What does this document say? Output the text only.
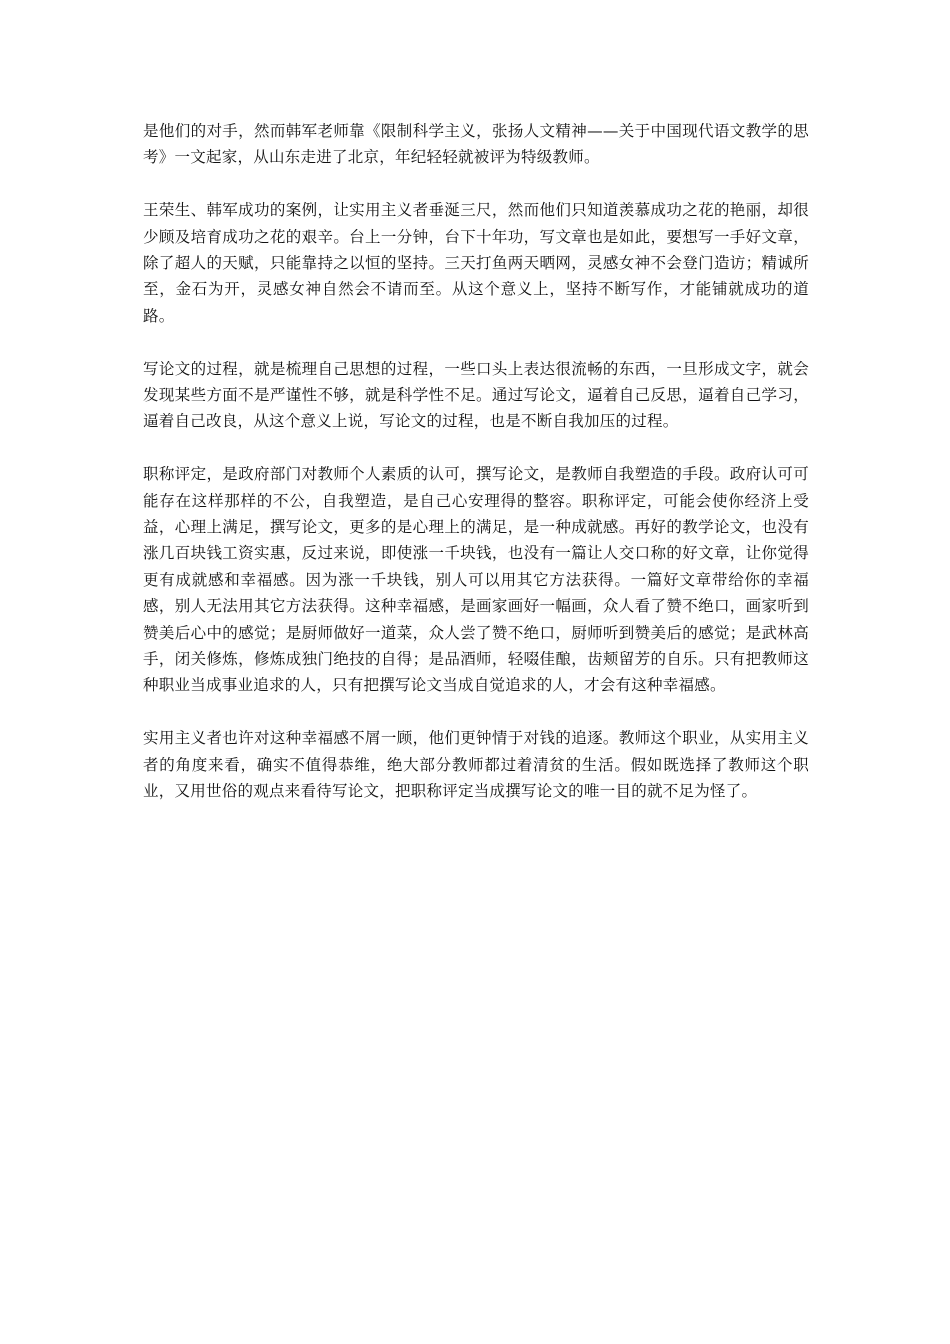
是他们的对手，然而韩军老师靠《限制科学主义，张扬人文精神——关于中国现代语文教学的思考》一文起家，从山东走进了北京，年纪轻轻就被评为特级教师。

王荣生、韩军成功的案例，让实用主义者垂涎三尺，然而他们只知道羡慕成功之花的艳丽，却很少顾及培育成功之花的艰辛。台上一分钟，台下十年功，写文章也是如此，要想写一手好文章，除了超人的天赋，只能靠持之以恒的坚持。三天打鱼两天晒网，灵感女神不会登门造访；精诚所至，金石为开，灵感女神自然会不请而至。从这个意义上，坚持不断写作，才能铺就成功的道路。

写论文的过程，就是梳理自己思想的过程，一些口头上表达很流畅的东西，一旦形成文字，就会发现某些方面不是严谨性不够，就是科学性不足。通过写论文，逼着自己反思，逼着自己学习，逼着自己改良，从这个意义上说，写论文的过程，也是不断自我加压的过程。

职称评定，是政府部门对教师个人素质的认可，撰写论文，是教师自我塑造的手段。政府认可可能存在这样那样的不公，自我塑造，是自己心安理得的整容。职称评定，可能会使你经济上受益，心理上满足，撰写论文，更多的是心理上的满足，是一种成就感。再好的教学论文，也没有涨几百块钱工资实惠，反过来说，即使涨一千块钱，也没有一篇让人交口称的好文章，让你觉得更有成就感和幸福感。因为涨一千块钱，别人可以用其它方法获得。一篇好文章带给你的幸福感，别人无法用其它方法获得。这种幸福感，是画家画好一幅画，众人看了赞不绝口，画家听到赞美后心中的感觉；是厨师做好一道菜，众人尝了赞不绝口，厨师听到赞美后的感觉；是武林高手，闭关修炼，修炼成独门绝技的自得；是品酒师，轻啜佳酿，齿颊留芳的自乐。只有把教师这种职业当成事业追求的人，只有把撰写论文当成自觉追求的人，才会有这种幸福感。

实用主义者也许对这种幸福感不屑一顾，他们更钟情于对钱的追逐。教师这个职业，从实用主义者的角度来看，确实不值得恭维，绝大部分教师都过着清贫的生活。假如既选择了教师这个职业，又用世俗的观点来看待写论文，把职称评定当成撰写论文的唯一目的就不足为怪了。
